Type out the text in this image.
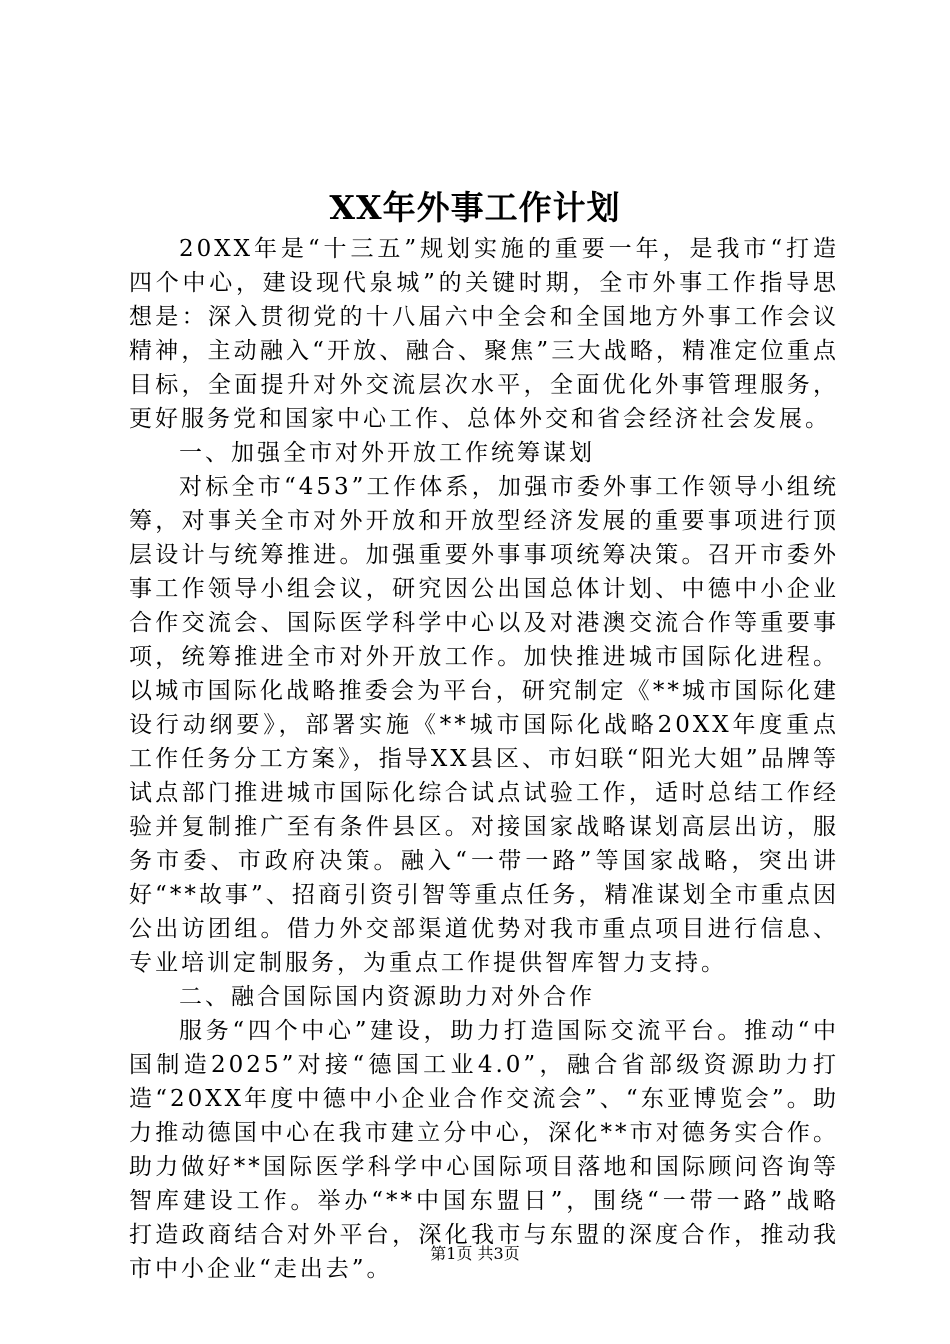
XX年外事工作计划

20XX年是“十三五”规划实施的重要一年，是我市“打造四个中心，建设现代泉城”的关键时期，全市外事工作指导思想是：深入贯彻党的十八届六中全会和全国地方外事工作会议精神，主动融入“开放、融合、聚焦”三大战略，精准定位重点目标，全面提升对外交流层次水平，全面优化外事管理服务，更好服务党和国家中心工作、总体外交和省会经济社会发展。

一、加强全市对外开放工作统筹谋划

对标全市“453”工作体系，加强市委外事工作领导小组统筹，对事关全市对外开放和开放型经济发展的重要事项进行顶层设计与统筹推进。加强重要外事事项统筹决策。召开市委外事工作领导小组会议，研究因公出国总体计划、中德中小企业合作交流会、国际医学科学中心以及对港澳交流合作等重要事项，统筹推进全市对外开放工作。加快推进城市国际化进程。以城市国际化战略推委会为平台，研究制定《**城市国际化建设行动纲要》，部署实施《**城市国际化战略20XX年度重点工作任务分工方案》，指导XX县区、市妇联“阳光大姐”品牌等试点部门推进城市国际化综合试点试验工作，适时总结工作经验并复制推广至有条件县区。对接国家战略谋划高层出访，服务市委、市政府决策。融入“一带一路”等国家战略，突出讲好“**故事”、招商引资引智等重点任务，精准谋划全市重点因公出访团组。借力外交部渠道优势对我市重点项目进行信息、专业培训定制服务，为重点工作提供智库智力支持。

二、融合国际国内资源助力对外合作

服务“四个中心”建设，助力打造国际交流平台。推动“中国制造2025”对接“德国工业4.0”，融合省部级资源助力打造“20XX年度中德中小企业合作交流会”、“东亚博览会”。助力推动德国中心在我市建立分中心，深化**市对德务实合作。助力做好**国际医学科学中心国际项目落地和国际顾问咨询等智库建设工作。举办“**中国东盟日”，围绕“一带一路”战略打造政商结合对外平台，深化我市与东盟的深度合作，推动我市中小企业“走出去”。

第1页 共3页
